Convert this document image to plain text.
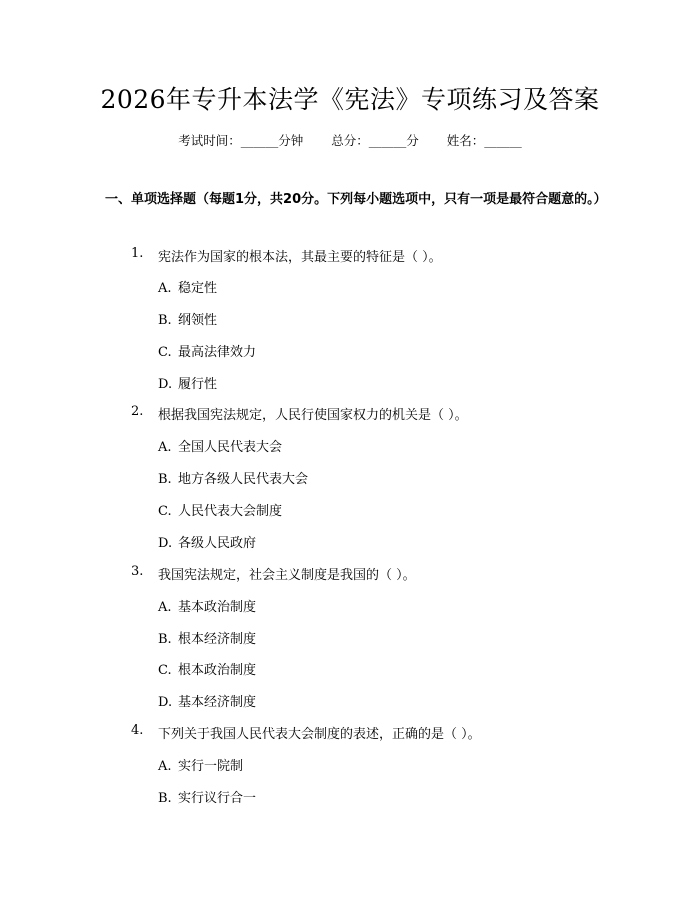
2026年专升本法学《宪法》专项练习及答案
考试时间：______分钟 总分：______分 姓名：______
一、单项选择题（每题1分，共20分。下列每小题选项中，只有一项是最符合题意的。）
1. 宪法作为国家的根本法，其最主要的特征是（ ）。
A. 稳定性
B. 纲领性
C. 最高法律效力
D. 履行性
2. 根据我国宪法规定，人民行使国家权力的机关是（ ）。
A. 全国人民代表大会
B. 地方各级人民代表大会
C. 人民代表大会制度
D. 各级人民政府
3. 我国宪法规定，社会主义制度是我国的（ ）。
A. 基本政治制度
B. 根本经济制度
C. 根本政治制度
D. 基本经济制度
4. 下列关于我国人民代表大会制度的表述，正确的是（ ）。
A. 实行一院制
B. 实行议行合一
